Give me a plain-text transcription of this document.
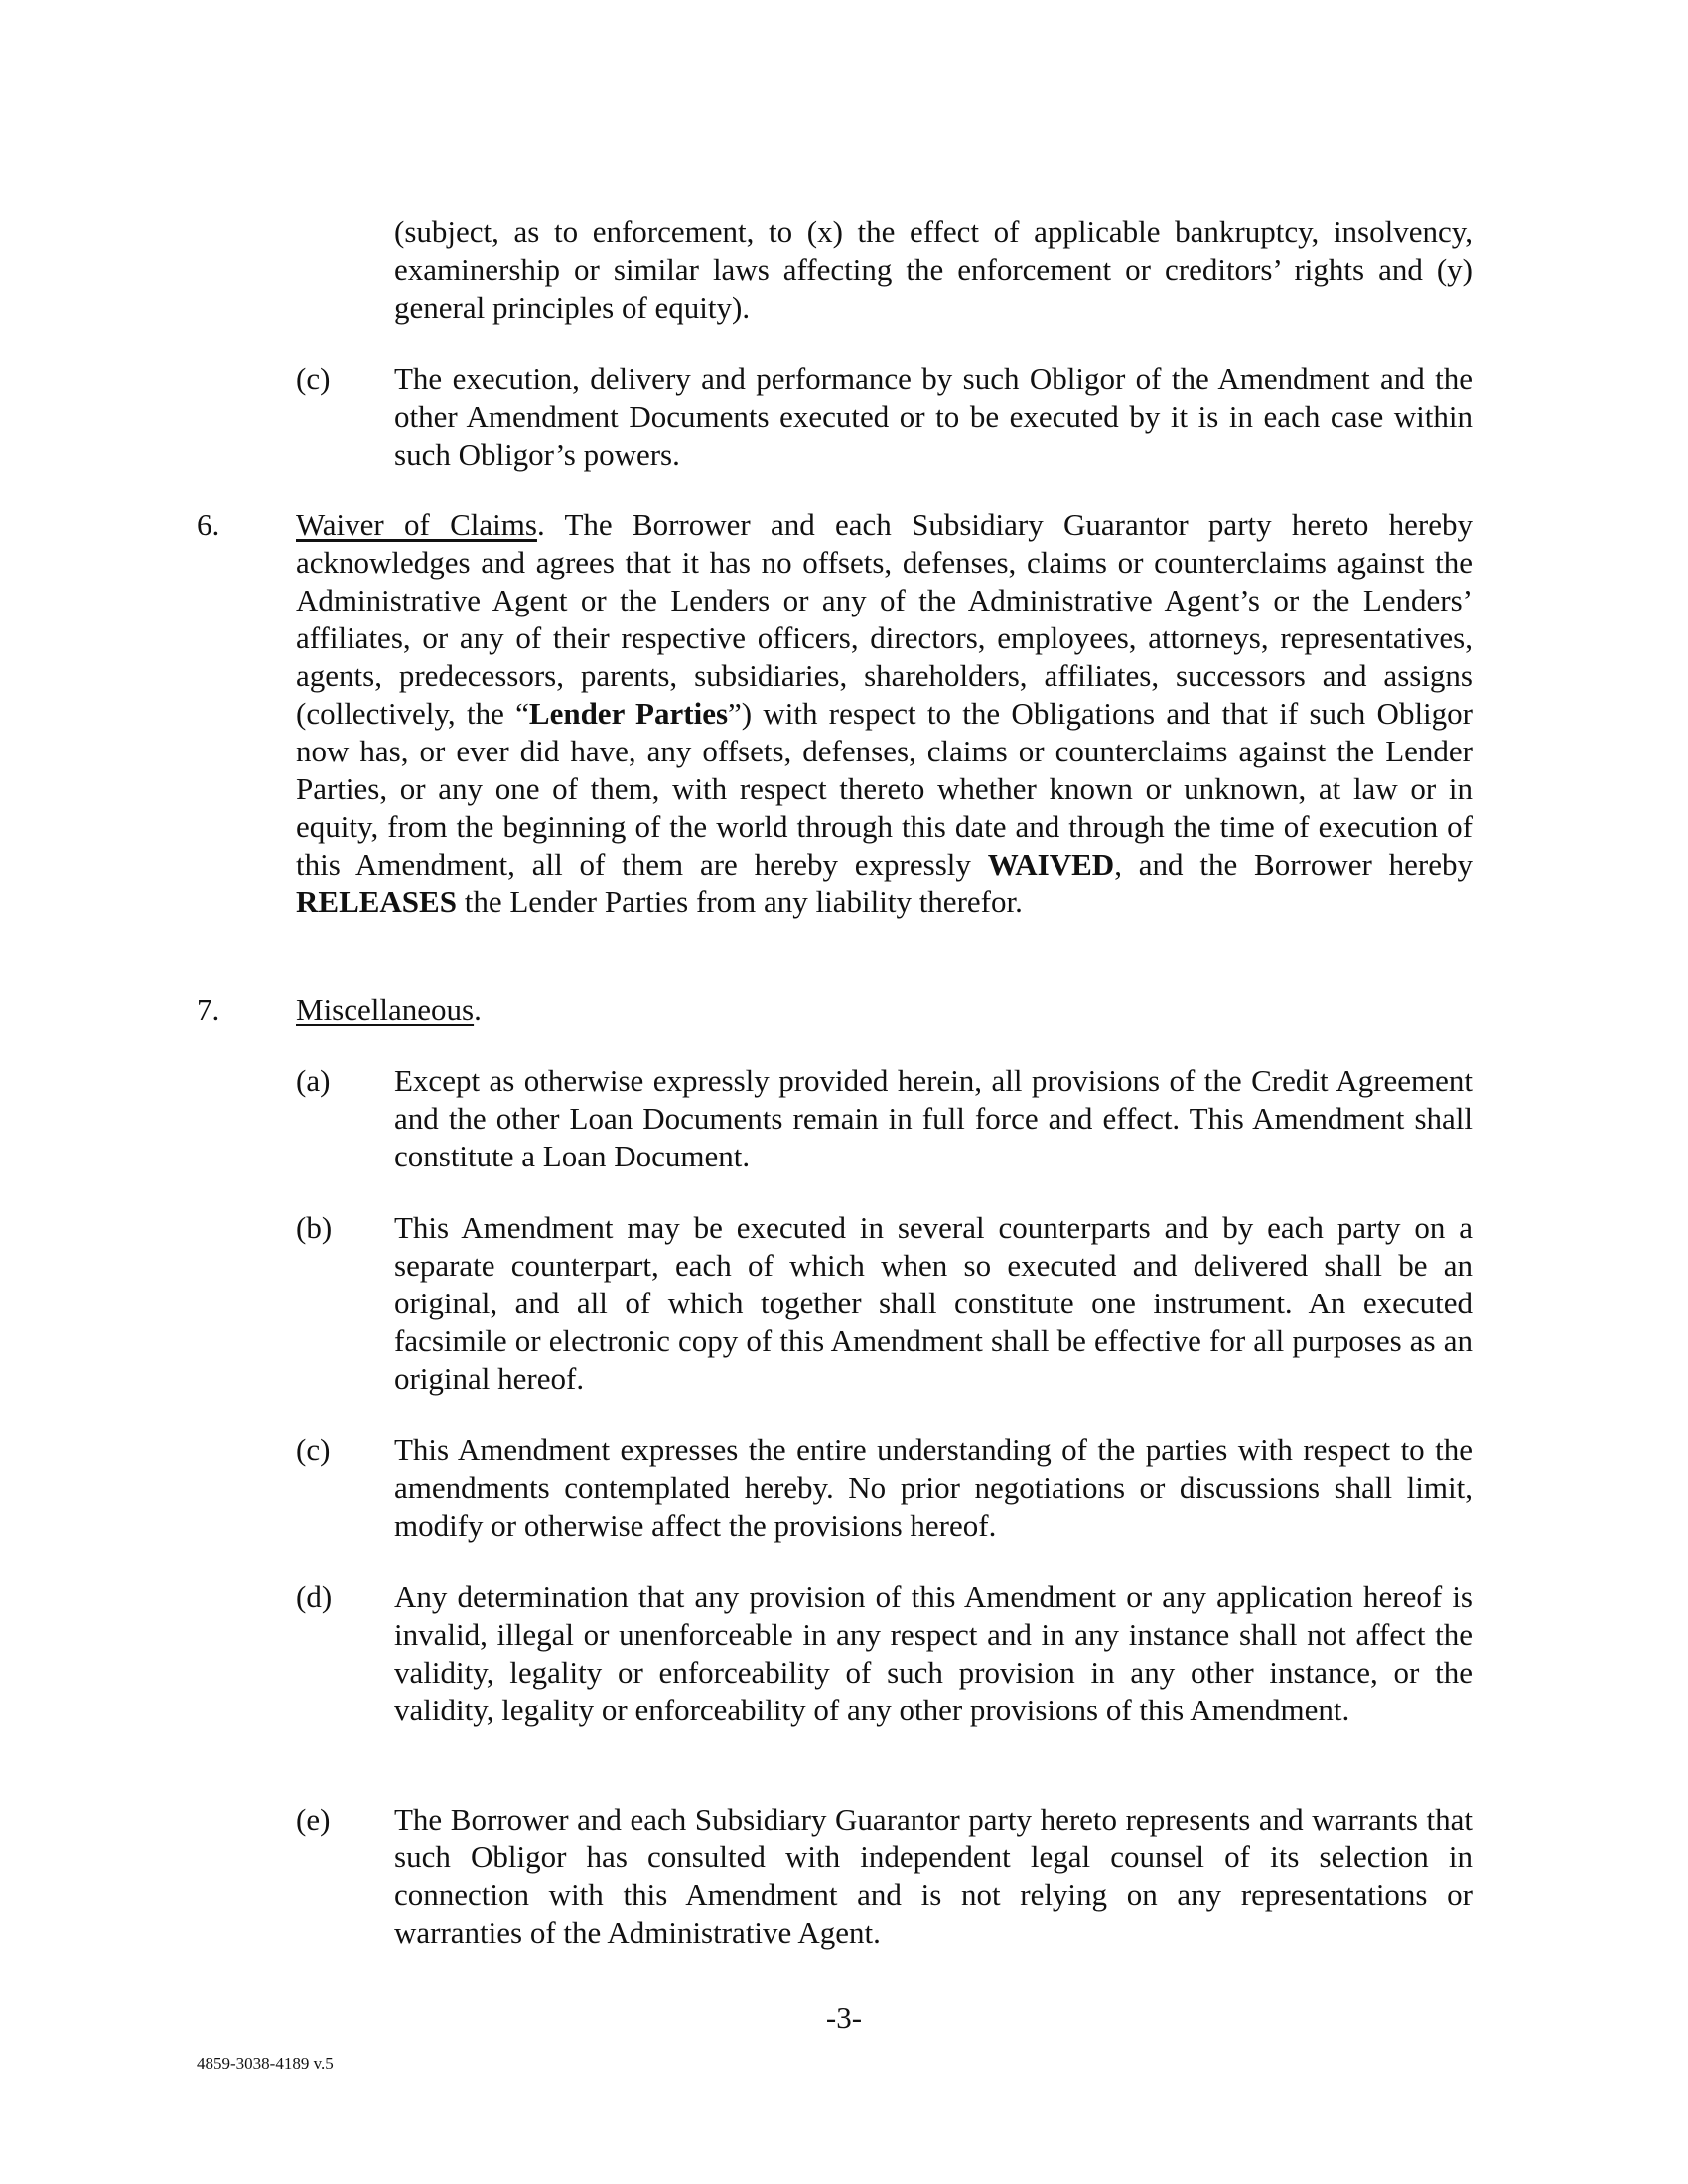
(subject, as to enforcement, to (x) the effect of applicable bankruptcy, insolvency, examinership or similar laws affecting the enforcement or creditors’ rights and (y) general principles of equity).

(c) The execution, delivery and performance by such Obligor of the Amendment and the other Amendment Documents executed or to be executed by it is in each case within such Obligor’s powers.

6. Waiver of Claims. The Borrower and each Subsidiary Guarantor party hereto hereby acknowledges and agrees that it has no offsets, defenses, claims or counterclaims against the Administrative Agent or the Lenders or any of the Administrative Agent’s or the Lenders’ affiliates, or any of their respective officers, directors, employees, attorneys, representatives, agents, predecessors, parents, subsidiaries, shareholders, affiliates, successors and assigns (collectively, the “Lender Parties”) with respect to the Obligations and that if such Obligor now has, or ever did have, any offsets, defenses, claims or counterclaims against the Lender Parties, or any one of them, with respect thereto whether known or unknown, at law or in equity, from the beginning of the world through this date and through the time of execution of this Amendment, all of them are hereby expressly WAIVED, and the Borrower hereby RELEASES the Lender Parties from any liability therefor.

7. Miscellaneous.
(a) Except as otherwise expressly provided herein, all provisions of the Credit Agreement and the other Loan Documents remain in full force and effect. This Amendment shall constitute a Loan Document.

(b) This Amendment may be executed in several counterparts and by each party on a separate counterpart, each of which when so executed and delivered shall be an original, and all of which together shall constitute one instrument. An executed facsimile or electronic copy of this Amendment shall be effective for all purposes as an original hereof.

(c) This Amendment expresses the entire understanding of the parties with respect to the amendments contemplated hereby. No prior negotiations or discussions shall limit, modify or otherwise affect the provisions hereof.

(d) Any determination that any provision of this Amendment or any application hereof is invalid, illegal or unenforceable in any respect and in any instance shall not affect the validity, legality or enforceability of such provision in any other instance, or the validity, legality or enforceability of any other provisions of this Amendment.

(e) The Borrower and each Subsidiary Guarantor party hereto represents and warrants that such Obligor has consulted with independent legal counsel of its selection in connection with this Amendment and is not relying on any representations or warranties of the Administrative Agent.

-3-
4859-3038-4189 v.5
